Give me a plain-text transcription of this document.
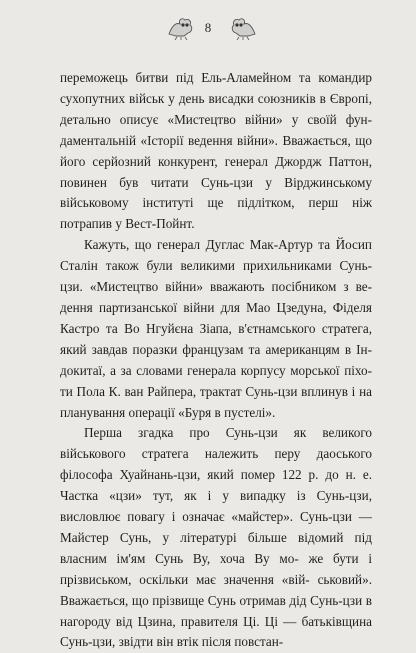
8
переможець битви під Ель-Аламейном та командир сухопутних військ у день висадки союзників в Європі, детально описує «Мистецтво війни» у своїй фун- даментальній «Історії ведення війни». Вважається, що його серйозний конкурент, генерал Джордж Паттон, повинен був читати Сунь-цзи у Вірджинському військовому інституті ще підлітком, перш ніж потрапив у Вест-Пойнт.
Кажуть, що генерал Дуглас Мак-Артур та Йосип Сталін також були великими прихильниками Сунь- цзи. «Мистецтво війни» вважають посібником з ве- дення партизанської війни для Мао Цзедуна, Фіделя Кастро та Во Нгуйєна Зіапа, в'єтнамського стратега, який завдав поразки французам та американцям в Ін- докитаї, а за словами генерала корпусу морської піхо- ти Пола К. ван Райпера, трактат Сунь-цзи вплинув і на планування операції «Буря в пустелі».
Перша згадка про Сунь-цзи як великого військового стратега належить перу даоського філософа Хуайнань-цзи, який помер 122 р. до н. е. Частка «цзи» тут, як і у випадку із Сунь-цзи, висловлює повагу і означає «майстер». Сунь-цзи — Майстер Сунь, у літературі більше відомий під власним ім'ям Сунь Ву, хоча Ву мо- же бути і прізвиськом, оскільки має значення «вій- ськовий». Вважається, що прізвище Сунь отримав дід Сунь-цзи в нагороду від Цзина, правителя Ці. Ці — батьківщина Сунь-цзи, звідти він втік після повстан-
